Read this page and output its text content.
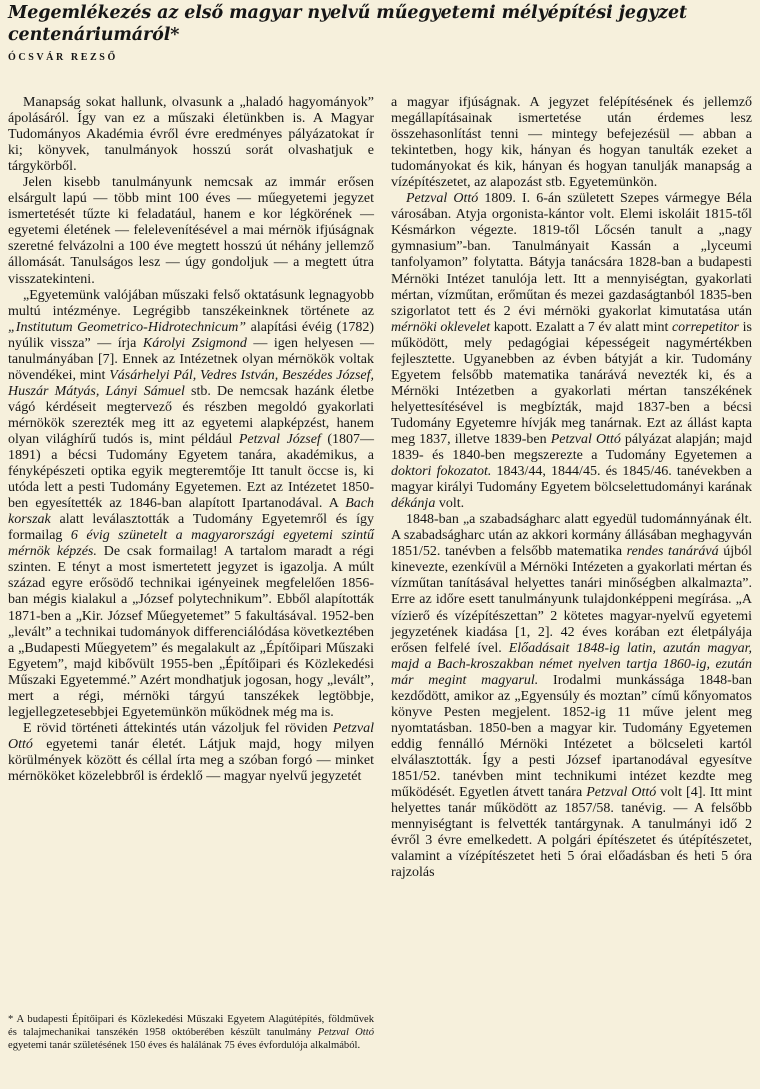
Megemlékezés az első magyar nyelvű műegyetemi mélyépítési jegyzet centenáriumáról*
ÓCSVÁR REZSŐ

Manapság sokat hallunk, olvasunk a „haladó hagyományok” ápolásáról. Így van ez a műszaki életünkben is. A Magyar Tudományos Akadémia évről évre eredményes pályázatokat ír ki; könyvek, tanulmányok hosszú sorát olvashatjuk e tárgykörből.

Jelen kisebb tanulmányunk nemcsak az immár erősen elsárgult lapú — több mint 100 éves — műegyetemi jegyzet ismertetését tűzte ki feladatául, hanem e kor légkörének — egyetemi életének — felelevenítésével a mai mérnök ifjúságnak szeretné felvázolni a 100 éve megtett hosszú út néhány jellemző állomását. Tanulságos lesz — úgy gondoljuk — a megtett útra visszatekinteni.

„Egyetemünk valójában műszaki felső oktatásunk legnagyobb multú intézménye. Legrégibb tanszékeinknek története az „Institutum Geometrico-Hidrotechnicum” alapítási évéig (1782) nyúlik vissza” — írja Károlyi Zsigmond — igen helyesen — tanulmányában [7]. Ennek az Intézetnek olyan mérnökök voltak növendékei, mint Vásárhelyi Pál, Vedres István, Beszédes József, Huszár Mátyás, Lányi Sámuel stb. De nemcsak hazánk életbe vágó kérdéseit megtervező és részben megoldó gyakorlati mérnökök szerezték meg itt az egyetemi alapképzést, hanem olyan világhírű tudós is, mint például Petzval József (1807—1891) a bécsi Tudomány Egyetem tanára, akadémikus, a fényképészeti optika egyik megteremtője Itt tanult öccse is, ki utóda lett a pesti Tudomány Egyetemen. Ezt az Intézetet 1850-ben egyesítették az 1846-ban alapított Ipartanodával. A Bach korszak alatt leválasztották a Tudomány Egyetemről és így formailag 6 évig szünetelt a magyarországi egyetemi szintű mérnök képzés. De csak formailag! A tartalom maradt a régi szinten. E tényt a most ismertetett jegyzet is igazolja. A múlt század egyre erősödő technikai igényeinek megfelelően 1856-ban mégis kialakul a „József polytechnikum”. Ebből alapították 1871-ben a „Kir. József Műegyetemet” 5 fakultásával. 1952-ben „levált” a technikai tudományok differenciálódása következtében a „Budapesti Műegyetem” és megalakult az „Építőipari Műszaki Egyetem”, majd kibővült 1955-ben „Építőipari és Közlekedési Műszaki Egyetemmé.” Azért mondhatjuk jogosan, hogy „levált”, mert a régi, mérnöki tárgyú tanszékek legtöbbje, legjellegzetesebbjei Egyetemünkön működnek még ma is.

E rövid történeti áttekintés után vázoljuk fel röviden Petzval Ottó egyetemi tanár életét. Látjuk majd, hogy milyen körülmények között és céllal írta meg a szóban forgó — minket mérnököket közelebbről is érdeklő — magyar nyelvű jegyzetét

* A budapesti Építőipari és Közlekedési Műszaki Egyetem Alagútépítés, földművek és talajmechanikai tanszékén 1958 októberében készült tanulmány Petzval Ottó egyetemi tanár születésének 150 éves és halálának 75 éves évfordulója alkalmából.

a magyar ifjúságnak. A jegyzet felépítésének és jellemző megállapításainak ismertetése után érdemes lesz összehasonlítást tenni — mintegy befejezésül — abban a tekintetben, hogy kik, hányan és hogyan tanulták ezeket a tudományokat és kik, hányan és hogyan tanulják manapság a vízépítészetet, az alapozást stb. Egyetemünkön.

Petzval Ottó 1809. I. 6-án született Szepes vármegye Béla városában. Atyja orgonista-kántor volt. Elemi iskoláit 1815-től Késmárkon végezte. 1819-től Lőcsén tanult a „nagy gymnasium”-ban. Tanulmányait Kassán a „lyceumi tanfolyamon” folytatta. Bátyja tanácsára 1828-ban a budapesti Mérnöki Intézet tanulója lett. Itt a mennyiségtan, gyakorlati mértan, vízműtan, erőműtan és mezei gazdaságtanból 1835-ben szigorlatot tett és 2 évi mérnöki gyakorlat kimutatása után mérnöki oklevelet kapott. Ezalatt a 7 év alatt mint correpetitor is működött, mely pedagógiai képességeit nagymértékben fejlesztette. Ugyanebben az évben bátyját a kir. Tudomány Egyetem felsőbb matematika tanárává nevezték ki, és a Mérnöki Intézetben a gyakorlati mértan tanszékének helyettesítésével is megbízták, majd 1837-ben a bécsi Tudomány Egyetemre hívják meg tanárnak. Ezt az állást kapta meg 1837, illetve 1839-ben Petzval Ottó pályázat alapján; majd 1839- és 1840-ben megszerezte a Tudomány Egyetemen a doktori fokozatot. 1843/44, 1844/45. és 1845/46. tanévekben a magyar királyi Tudomány Egyetem bölcselettudományi karának dékánja volt.

1848-ban „a szabadságharc alatt egyedül tudománnyának élt. A szabadságharc után az akkori kormány állásában meghagyván 1851/52. tanévben a felsőbb matematika rendes tanárává újból kinevezte, ezenkívül a Mérnöki Intézeten a gyakorlati mértan és vízműtan tanításával helyettes tanári minőségben alkalmazta”. Erre az időre esett tanulmányunk tulajdonképpeni megírása. „A vízierő és vízépítészettan” 2 kötetes magyar-nyelvű egyetemi jegyzetének kiadása [1, 2]. 42 éves korában ezt életpályája erősen felfelé ível. Előadásait 1848-ig latin, azután magyar, majd a Bach-kroszakban német nyelven tartja 1860-ig, ezután már megint magyarul. Irodalmi munkássága 1848-ban kezdődött, amikor az „Egyensúly és moztan” című kőnyomatos könyve Pesten megjelent. 1852-ig 11 műve jelent meg nyomtatásban. 1850-ben a magyar kir. Tudomány Egyetemen eddig fennálló Mérnöki Intézetet a bölcseleti kartól elválasztották. Így a pesti József ipartanodával egyesítve 1851/52. tanévben mint technikumi intézet kezdte meg működését. Egyetlen átvett tanára Petzval Ottó volt [4]. Itt mint helyettes tanár működött az 1857/58. tanévig. — A felsőbb mennyiségtant is felvették tantárgynak. A tanulmányi idő 2 évről 3 évre emelkedett. A polgári építészetet és útépítészetet, valamint a vízépítészetet heti 5 órai előadásban és heti 5 óra rajzolás
